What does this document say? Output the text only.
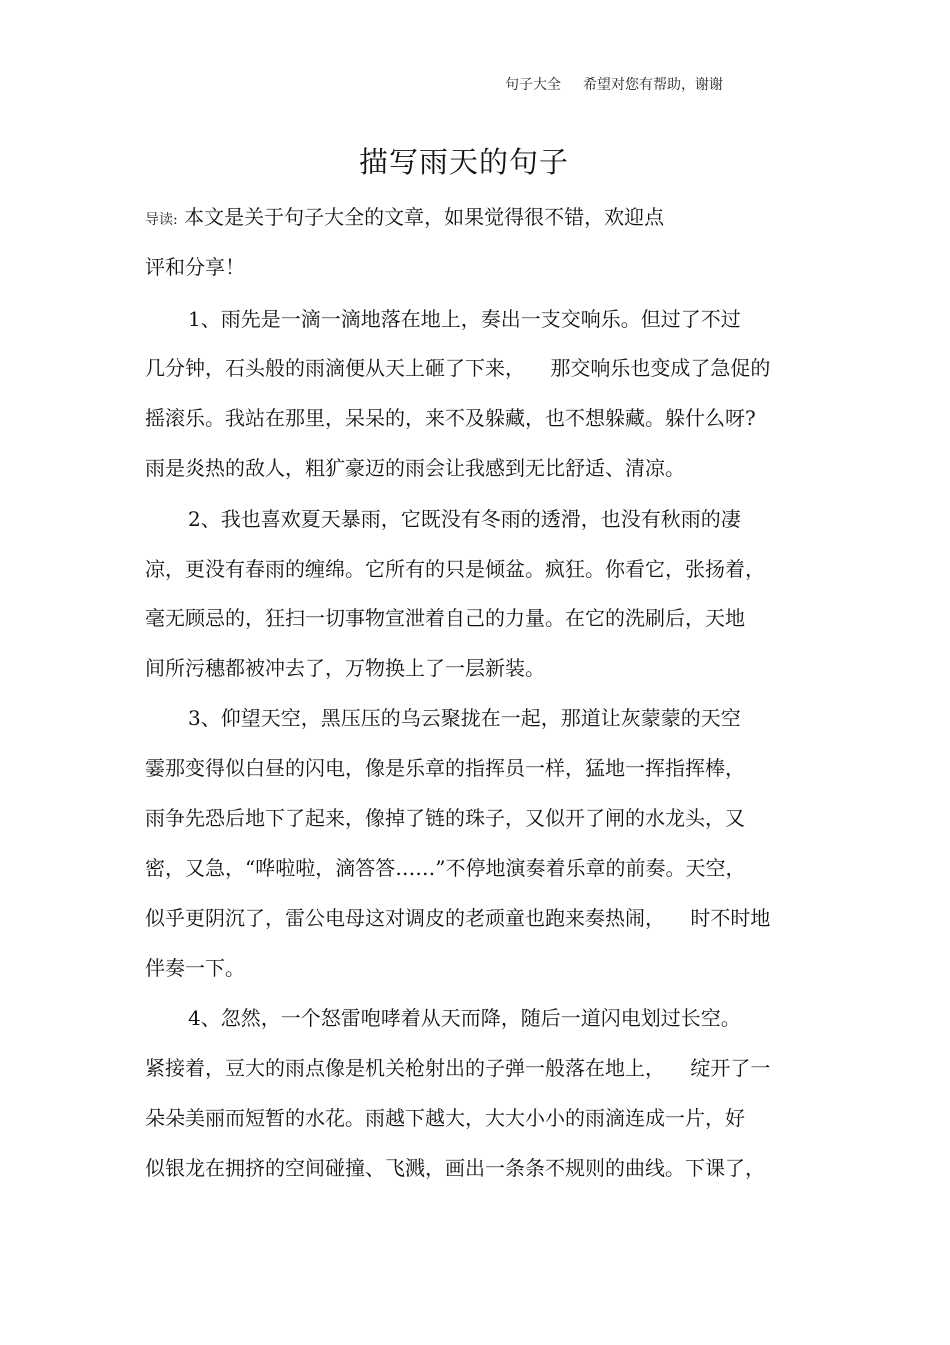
句子大全 希望对您有帮助，谢谢
描写雨天的句子
导读: 本文是关于句子大全的文章，如果觉得很不错，欢迎点
评和分享！
1、雨先是一滴一滴地落在地上，奏出一支交响乐。但过了不过
几分钟，石头般的雨滴便从天上砸了下来，    那交响乐也变成了急促的
摇滚乐。我站在那里，呆呆的，来不及躲藏，也不想躲藏。躲什么呀?
雨是炎热的敌人，粗犷豪迈的雨会让我感到无比舒适、清凉。
2、我也喜欢夏天暴雨，它既没有冬雨的透滑，也没有秋雨的凄
凉，更没有春雨的缠绵。它所有的只是倾盆。疯狂。你看它，张扬着，
毫无顾忌的，狂扫一切事物宣泄着自己的力量。在它的洗刷后，天地
间所污穗都被冲去了，万物换上了一层新装。
3、仰望天空，黑压压的乌云聚拢在一起，那道让灰蒙蒙的天空
霎那变得似白昼的闪电，像是乐章的指挥员一样，猛地一挥指挥棒，
雨争先恐后地下了起来，像掉了链的珠子，又似开了闸的水龙头，又
密，又急，“哗啦啦，滴答答……”不停地演奏着乐章的前奏。天空，
似乎更阴沉了，雷公电母这对调皮的老顽童也跑来奏热闹，    时不时地
伴奏一下。
4、忽然，一个怒雷咆哮着从天而降，随后一道闪电划过长空。
紧接着，豆大的雨点像是机关枪射出的子弹一般落在地上，    绽开了一
朵朵美丽而短暂的水花。雨越下越大，大大小小的雨滴连成一片，好
似银龙在拥挤的空间碰撞、飞溅，画出一条条不规则的曲线。下课了，
